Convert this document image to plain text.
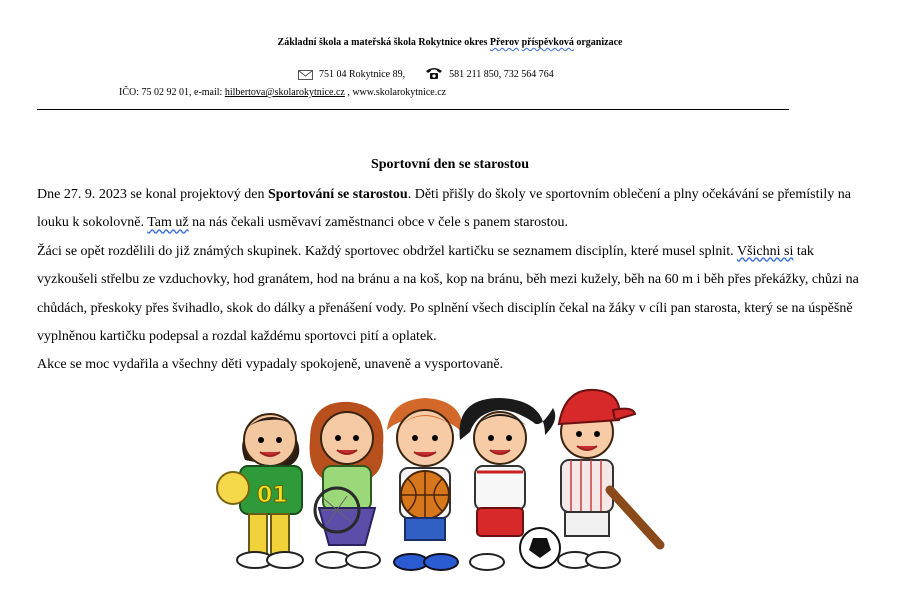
Základní škola a mateřská škola Rokytnice okres Přerov příspěvková organizace
751 04 Rokytnice 89,	581 211 850, 732 564 764
IČO: 75 02 92 01, e-mail: hilbertova@skolarokytnice.cz , www.skolarokytnice.cz
Sportovní den se starostou

Dne 27. 9. 2023 se konal projektový den Sportování se starostou. Děti přišly do školy ve sportovním oblečení a plny očekávání se přemístily na louku k sokolovně. Tam už na nás čekali usměvaví zaměstnanci obce v čele s panem starostou.

Žáci se opět rozdělili do již známých skupinek. Každý sportovec obdržel kartičku se seznamem disciplín, které musel splnit. Všichni si tak vyzkoušeli střelbu ze vzduchovky, hod granátem, hod na bránu a na koš, kop na bránu, běh mezi kužely, běh na 60 m i běh přes překážky, chůzi na chůdách, přeskoky přes švihadlo, skok do dálky a přenášení vody. Po splnění všech disciplín čekal na žáky v cíli pan starosta, který se na úspěšně vyplněnou kartičku podepsal a rozdal každému sportovci pití a oplatek.

Akce se moc vydařila a všechny děti vypadaly spokojeně, unaveně a vysportovaně.

01
